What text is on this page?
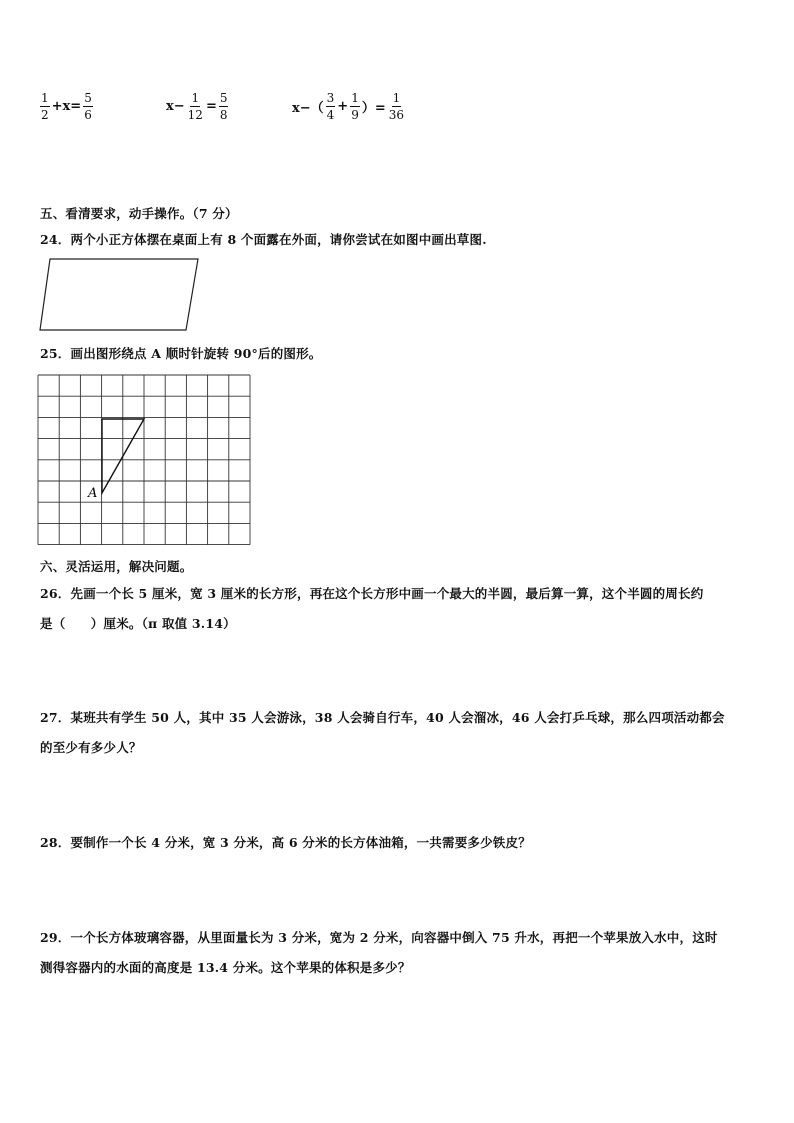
$\frac{1}{2} +x= \frac{5}{6}$	$x- \frac{1}{12} = \frac{5}{8}$	$x-( \frac{3}{4} + \frac{1}{9}$ ）= $\frac{1}{36}$
五、看清要求，动手操作。（7 分）
24．两个小正方体摆在桌面上有 8 个面露在外面，请你尝试在如图中画出草图.
25．画出图形绕点 A 顺时针旋转 90°后的图形。
A
六、灵活运用，解决问题。
26．先画一个长 5 厘米，宽 3 厘米的长方形，再在这个长方形中画一个最大的半圆，最后算一算，这个半圆的周长约
是（　　）厘米。（π 取值 3.14）
27．某班共有学生 50 人，其中 35 人会游泳，38 人会骑自行车，40 人会溜冰，46 人会打乒乓球，那么四项活动都会
的至少有多少人？
28．要制作一个长 4 分米，宽 3 分米，高 6 分米的长方体油箱，一共需要多少铁皮？
29．一个长方体玻璃容器，从里面量长为 3 分米，宽为 2 分米，向容器中倒入 75 升水，再把一个苹果放入水中，这时
测得容器内的水面的高度是 13.4 分米。这个苹果的体积是多少？
